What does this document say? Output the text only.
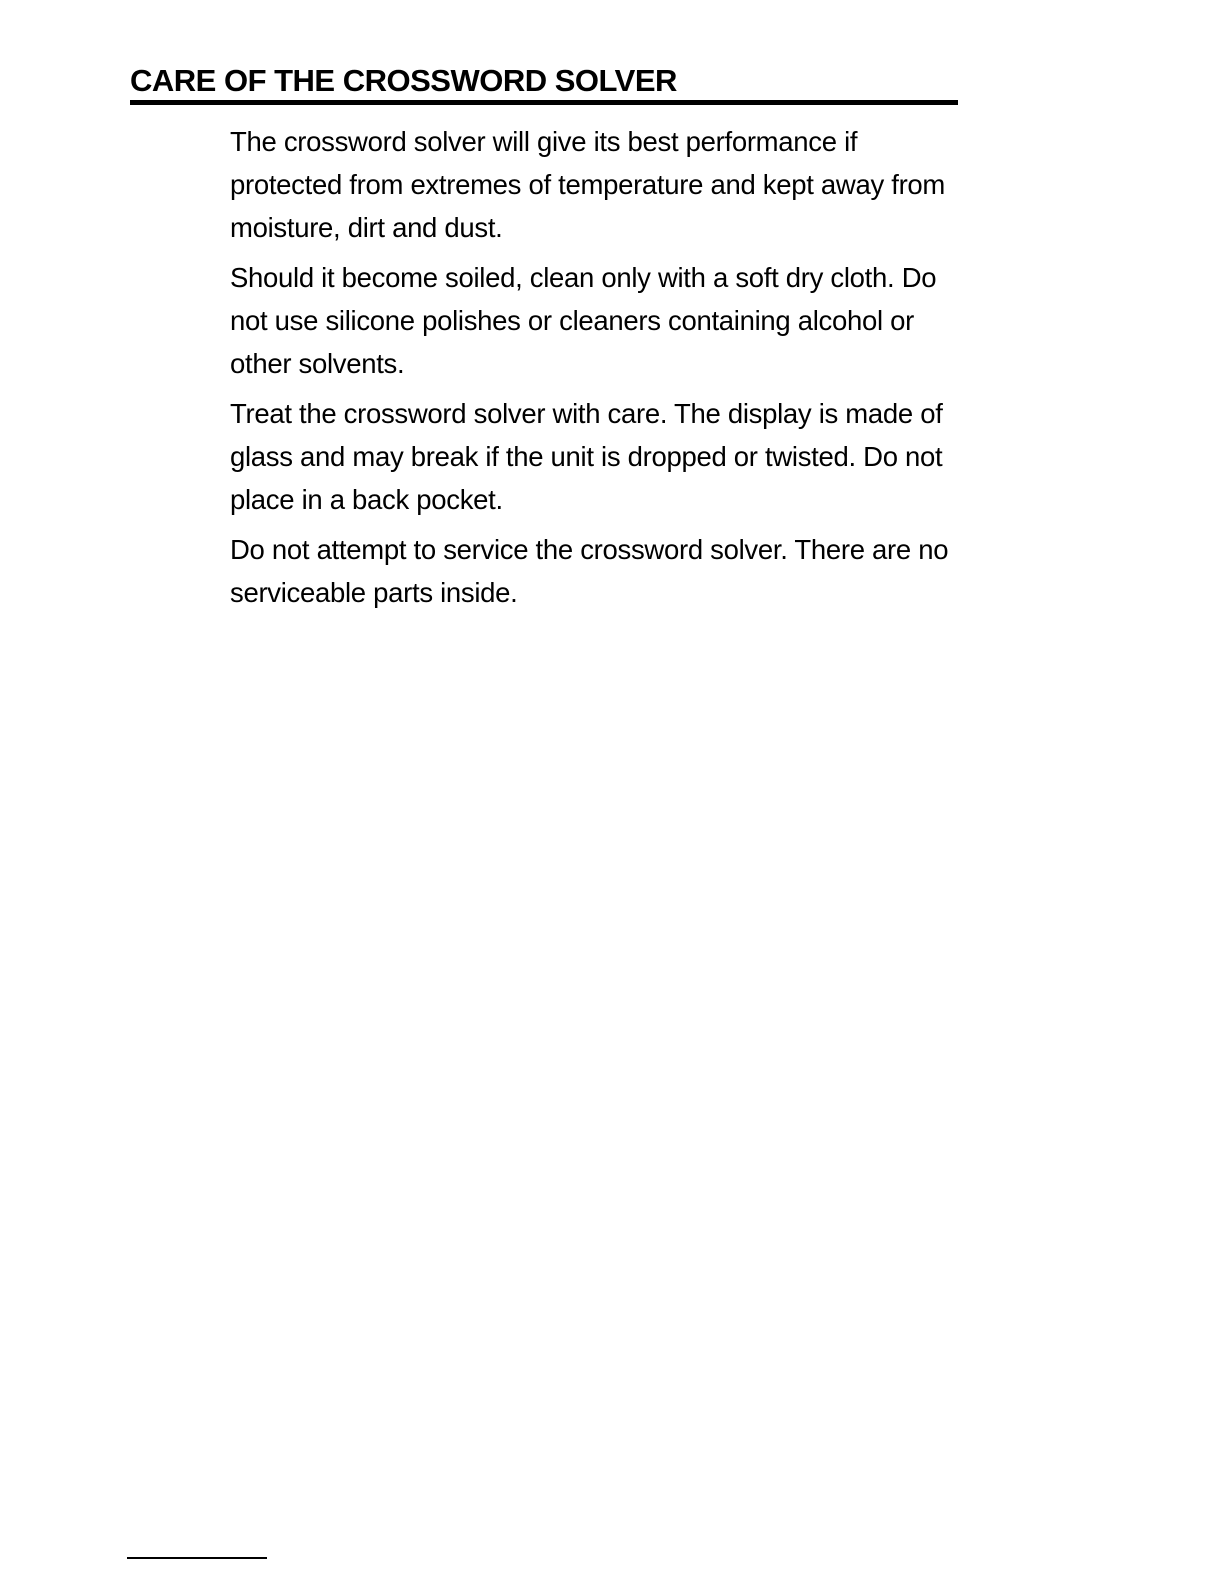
CARE OF THE CROSSWORD SOLVER

The crossword solver will give its best performance if protected from extremes of temperature and kept away from moisture, dirt and dust.

Should it become soiled, clean only with a soft dry cloth. Do not use silicone polishes or cleaners containing alcohol or other solvents.

Treat the crossword solver with care. The display is made of glass and may break if the unit is dropped or twisted. Do not place in a back pocket.

Do not attempt to service the crossword solver. There are no serviceable parts inside.
